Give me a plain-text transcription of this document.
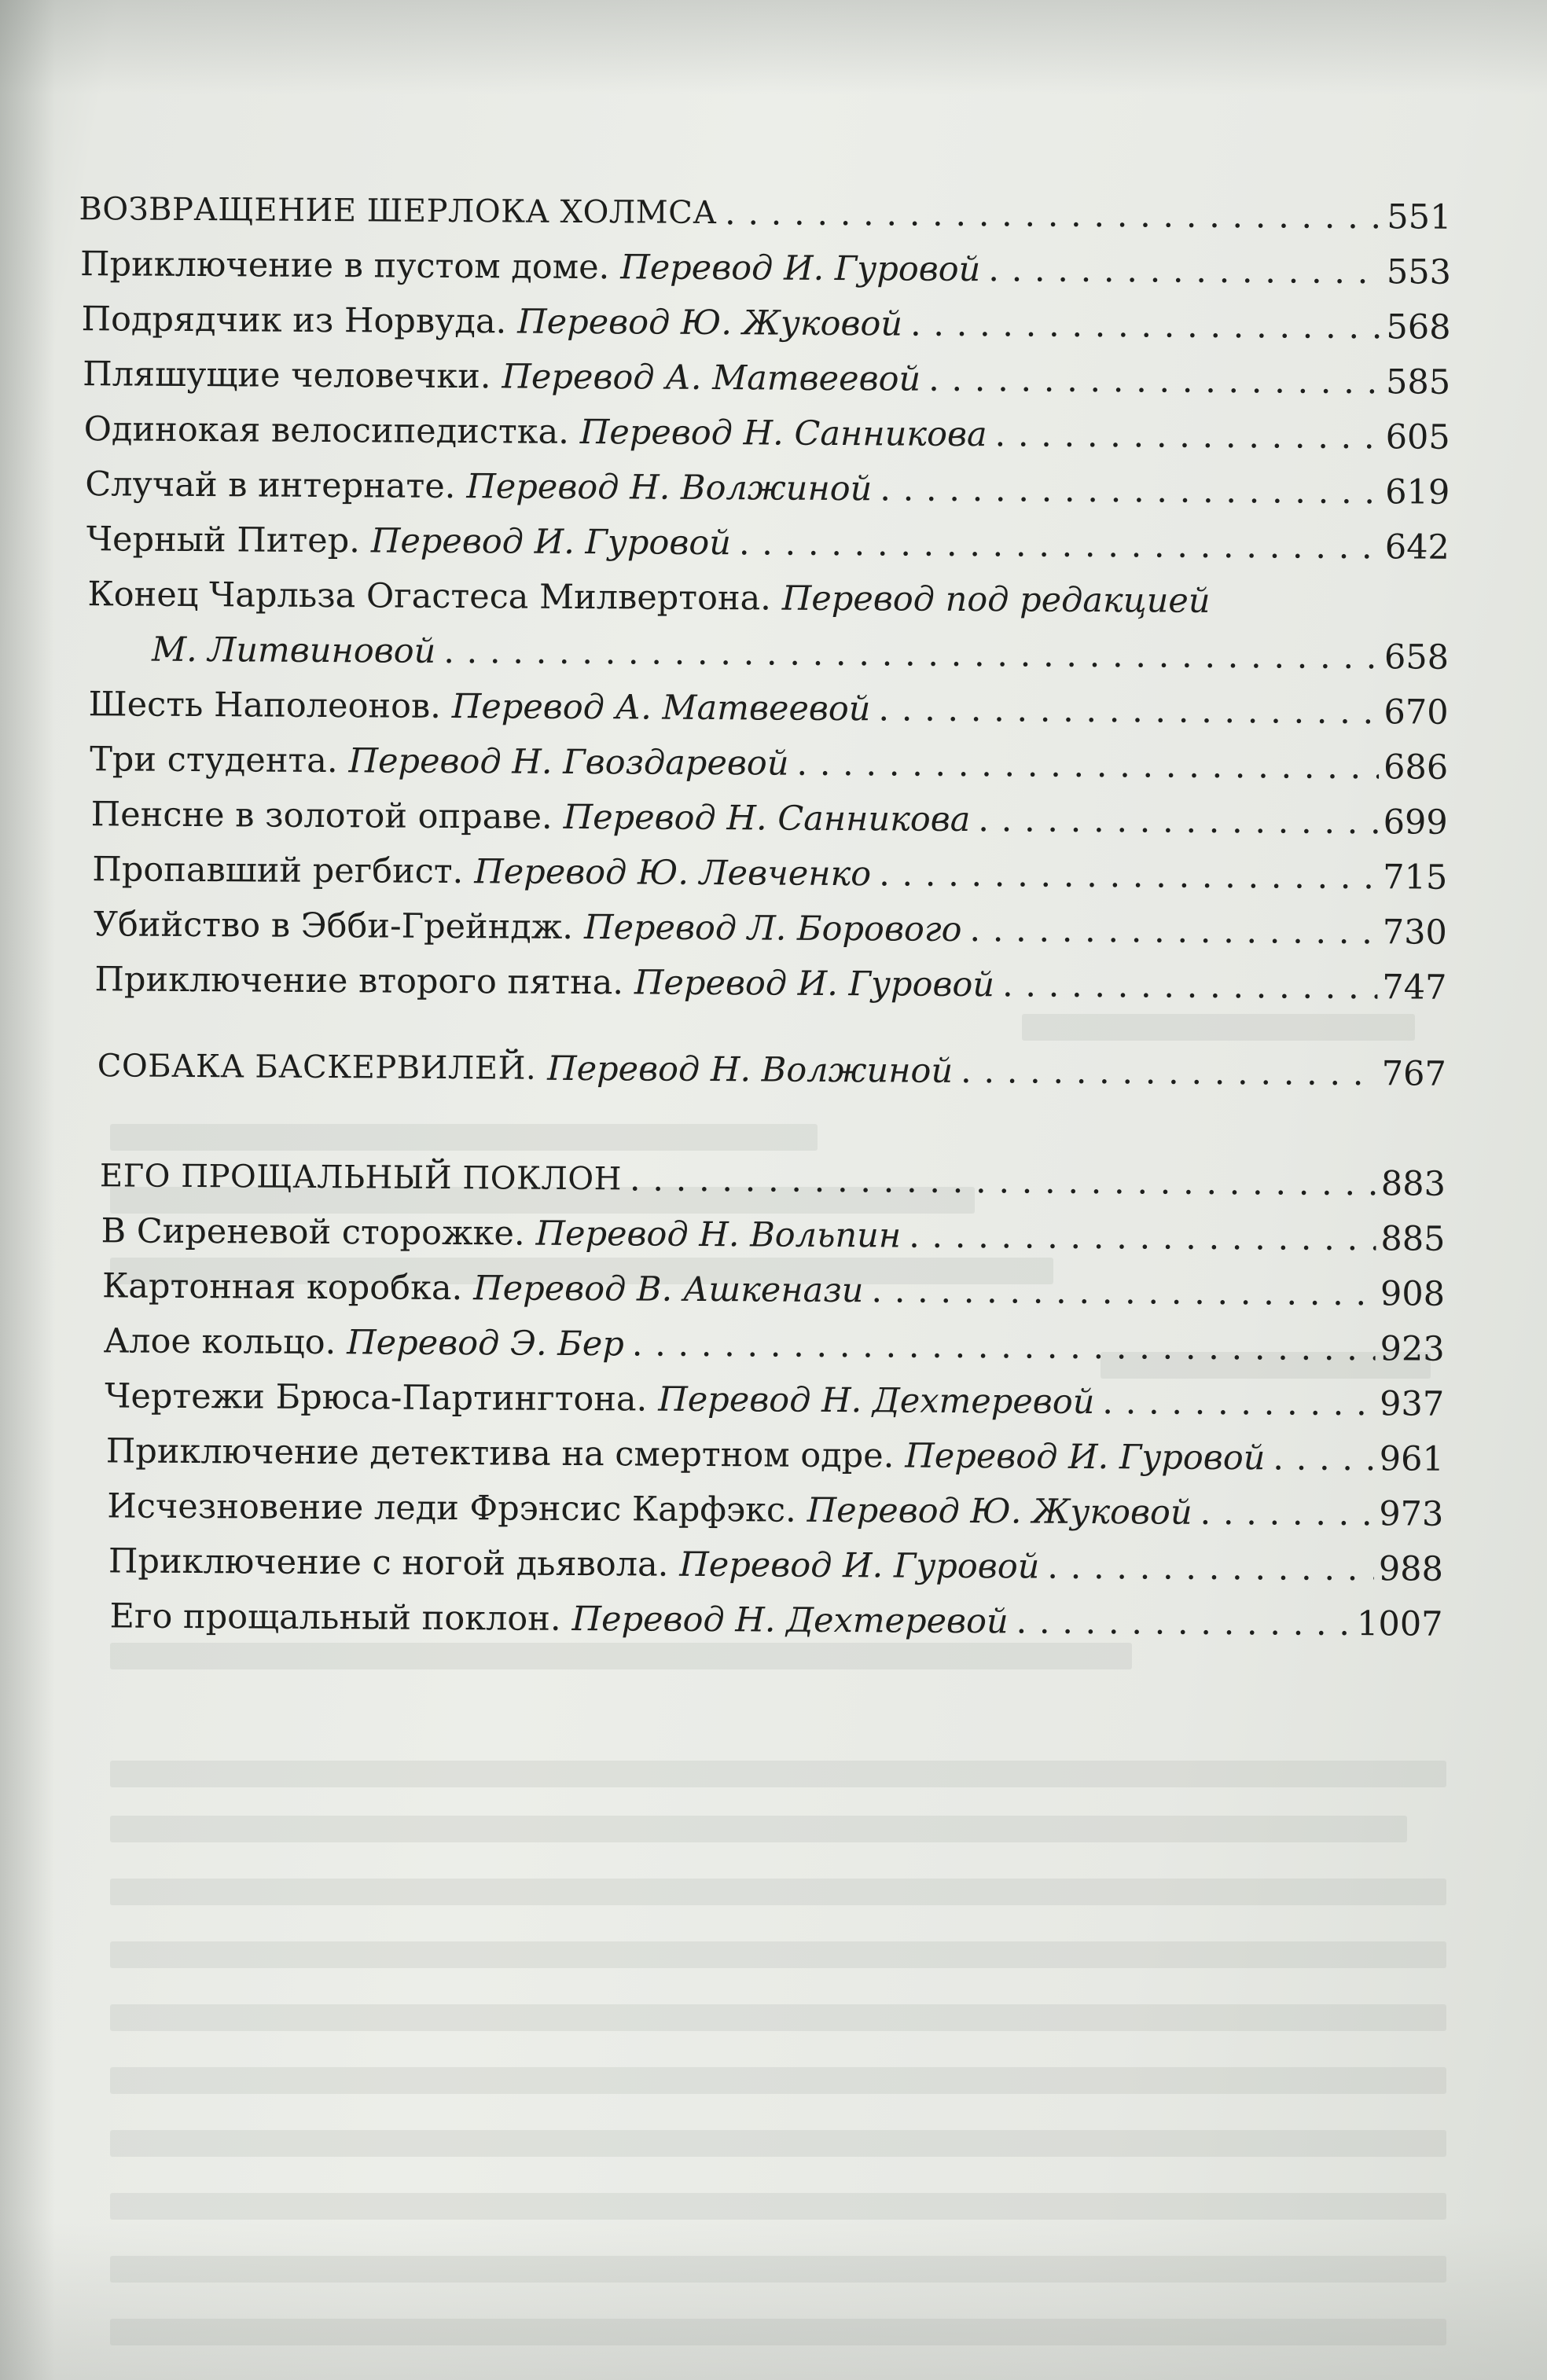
ВОЗВРАЩЕНИЕ ШЕРЛОКА ХОЛМСА . . .	551
Приключение в пустом доме. Перевод И. Гуровой . . .	553
Подрядчик из Норвуда. Перевод Ю. Жуковой . . .	568
Пляшущие человечки. Перевод А. Матвеевой . . .	585
Одинокая велосипедистка. Перевод Н. Санникова . . .	605
Случай в интернате. Перевод Н. Волжиной . . .	619
Черный Питер. Перевод И. Гуровой . . .	642
Конец Чарльза Огастеса Милвертона. Перевод под редакцией
М. Литвиновой . . .	658
Шесть Наполеонов. Перевод А. Матвеевой . . .	670
Три студента. Перевод Н. Гвоздаревой . . .	686
Пенсне в золотой оправе. Перевод Н. Санникова . . .	699
Пропавший регбист. Перевод Ю. Левченко . . .	715
Убийство в Эбби-Грейндж. Перевод Л. Борового . . .	730
Приключение второго пятна. Перевод И. Гуровой . . .	747
СОБАКА БАСКЕРВИЛЕЙ. Перевод Н. Волжиной . . .	767
ЕГО ПРОЩАЛЬНЫЙ ПОКЛОН . . .	883
В Сиреневой сторожке. Перевод Н. Вольпин . . .	885
Картонная коробка. Перевод В. Ашкенази . . .	908
Алое кольцо. Перевод Э. Бер . . .	923
Чертежи Брюса-Партингтона. Перевод Н. Дехтеревой . . .	937
Приключение детектива на смертном одре. Перевод И. Гуровой . . .	961
Исчезновение леди Фрэнсис Карфэкс. Перевод Ю. Жуковой . . .	973
Приключение с ногой дьявола. Перевод И. Гуровой . . .	988
Его прощальный поклон. Перевод Н. Дехтеревой . . .	1007
